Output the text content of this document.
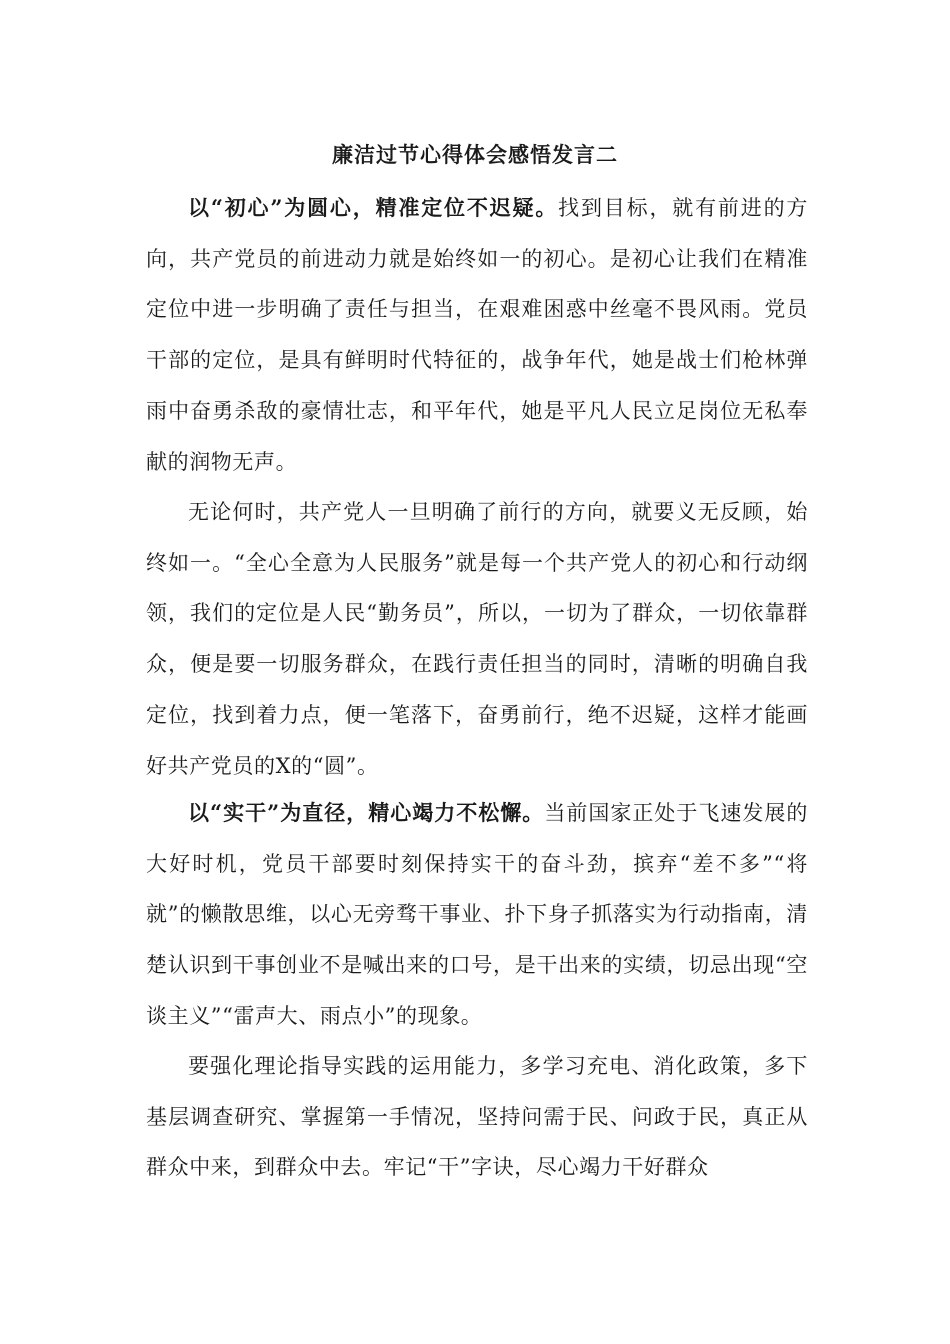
廉洁过节心得体会感悟发言二

以“初心”为圆心，精准定位不迟疑。找到目标，就有前进的方向，共产党员的前进动力就是始终如一的初心。是初心让我们在精准定位中进一步明确了责任与担当，在艰难困惑中丝毫不畏风雨。党员干部的定位，是具有鲜明时代特征的，战争年代，她是战士们枪林弹雨中奋勇杀敌的豪情壮志，和平年代，她是平凡人民立足岗位无私奉献的润物无声。

无论何时，共产党人一旦明确了前行的方向，就要义无反顾，始终如一。“全心全意为人民服务”就是每一个共产党人的初心和行动纲领，我们的定位是人民“勤务员”，所以，一切为了群众，一切依靠群众，便是要一切服务群众，在践行责任担当的同时，清晰的明确自我定位，找到着力点，便一笔落下，奋勇前行，绝不迟疑，这样才能画好共产党员的X的“圆”。

以“实干”为直径，精心竭力不松懈。当前国家正处于飞速发展的大好时机，党员干部要时刻保持实干的奋斗劲，摈弃“差不多”“将就”的懒散思维，以心无旁骛干事业、扑下身子抓落实为行动指南，清楚认识到干事创业不是喊出来的口号，是干出来的实绩，切忌出现“空谈主义”“雷声大、雨点小”的现象。

要强化理论指导实践的运用能力，多学习充电、消化政策，多下基层调查研究、掌握第一手情况，坚持问需于民、问政于民，真正从群众中来，到群众中去。牢记“干”字诀，尽心竭力干好群众
